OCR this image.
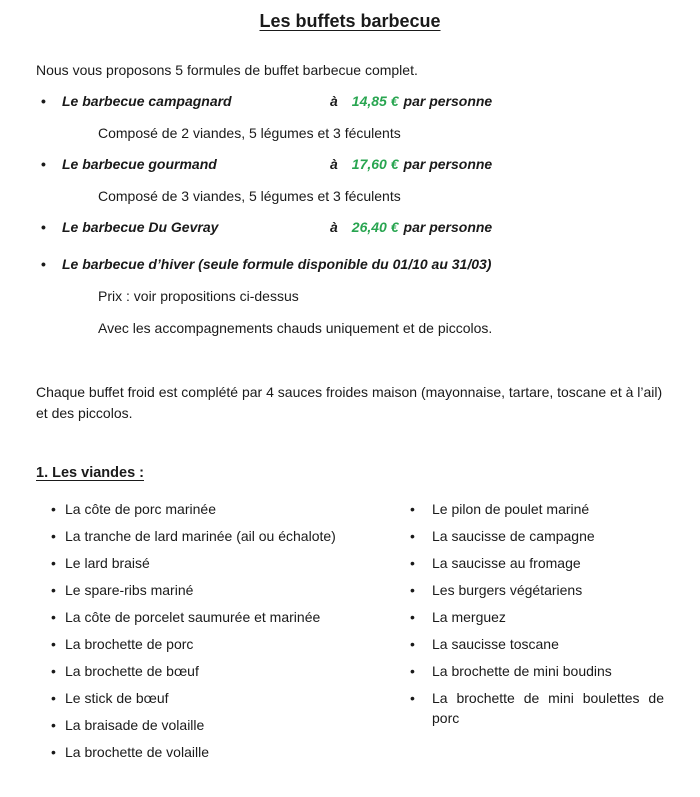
Les buffets barbecue

Nous vous proposons 5 formules de buffet barbecue complet.

• Le barbecue campagnard	à 14,85 € par personne

Composé de 2 viandes, 5 légumes et 3 féculents

• Le barbecue gourmand	à 17,60 € par personne

Composé de 3 viandes, 5 légumes et 3 féculents

• Le barbecue Du Gevray	à 26,40 € par personne
• Le barbecue d’hiver (seule formule disponible du 01/10 au 31/03)

Prix : voir propositions ci-dessus

Avec les accompagnements chauds uniquement et de piccolos.

Chaque buffet froid est complété par 4 sauces froides maison (mayonnaise, tartare, toscane et à l’ail) et des piccolos.

1. Les viandes :
• La côte de porc marinée
• La tranche de lard marinée (ail ou échalote)
• Le lard braisé
• Le spare-ribs mariné
• La côte de porcelet saumurée et marinée
• La brochette de porc
• La brochette de bœuf
• Le stick de bœuf
• La braisade de volaille
• La brochette de volaille
• Le pilon de poulet mariné
• La saucisse de campagne
• La saucisse au fromage
• Les burgers végétariens
• La merguez
• La saucisse toscane
• La brochette de mini boudins
• La brochette de mini boulettes de porc
